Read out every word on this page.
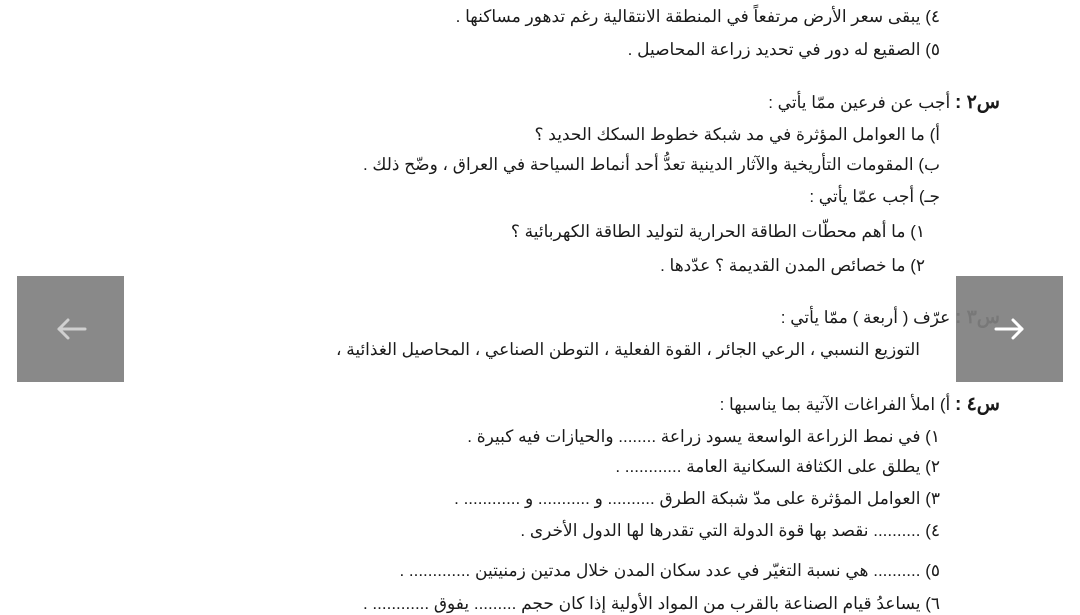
٤) يبقى سعر الأرض مرتفعاً في المنطقة الانتقالية رغم تدهور مساكنها .
٥) الصقيع له دور في تحديد زراعة المحاصيل .
س٢ : أجب عن فرعين ممّا يأتي :
أ) ما العوامل المؤثرة في مد شبكة خطوط السكك الحديد ؟
ب) المقومات التأريخية والآثار الدينية تعدُّ أحد أنماط السياحة في العراق ، وضّح ذلك .
جـ) أجب عمّا يأتي :
١) ما أهم محطّات الطاقة الحرارية لتوليد الطاقة الكهربائية ؟
٢) ما خصائص المدن القديمة ؟ عدّدها .
عرّف ( أربعة ) ممّا يأتي :
التوزيع النسبي ، الرعي الجائر ، القوة الفعلية ، التوطن الصناعي ، المحاصيل الغذائية ،
س٤ : أ) املأ الفراغات الآتية بما يناسبها :
١) في نمط الزراعة الواسعة يسود زراعة ........ والحيازات فيه كبيرة .
٢) يطلق على الكثافة السكانية العامة ............ .
٣) العوامل المؤثرة على مدّ شبكة الطرق .......... و ........... و ............ .
٤) .......... نقصد بها قوة الدولة التي تقدرها لها الدول الأخرى .
٥) .......... هي نسبة التغيّر في عدد سكان المدن خلال مدتين زمنيتين ............. .
٦) يساعدُ قيام الصناعة بالقرب من المواد الأولية إذا كان حجم ......... يفوق ............ .
